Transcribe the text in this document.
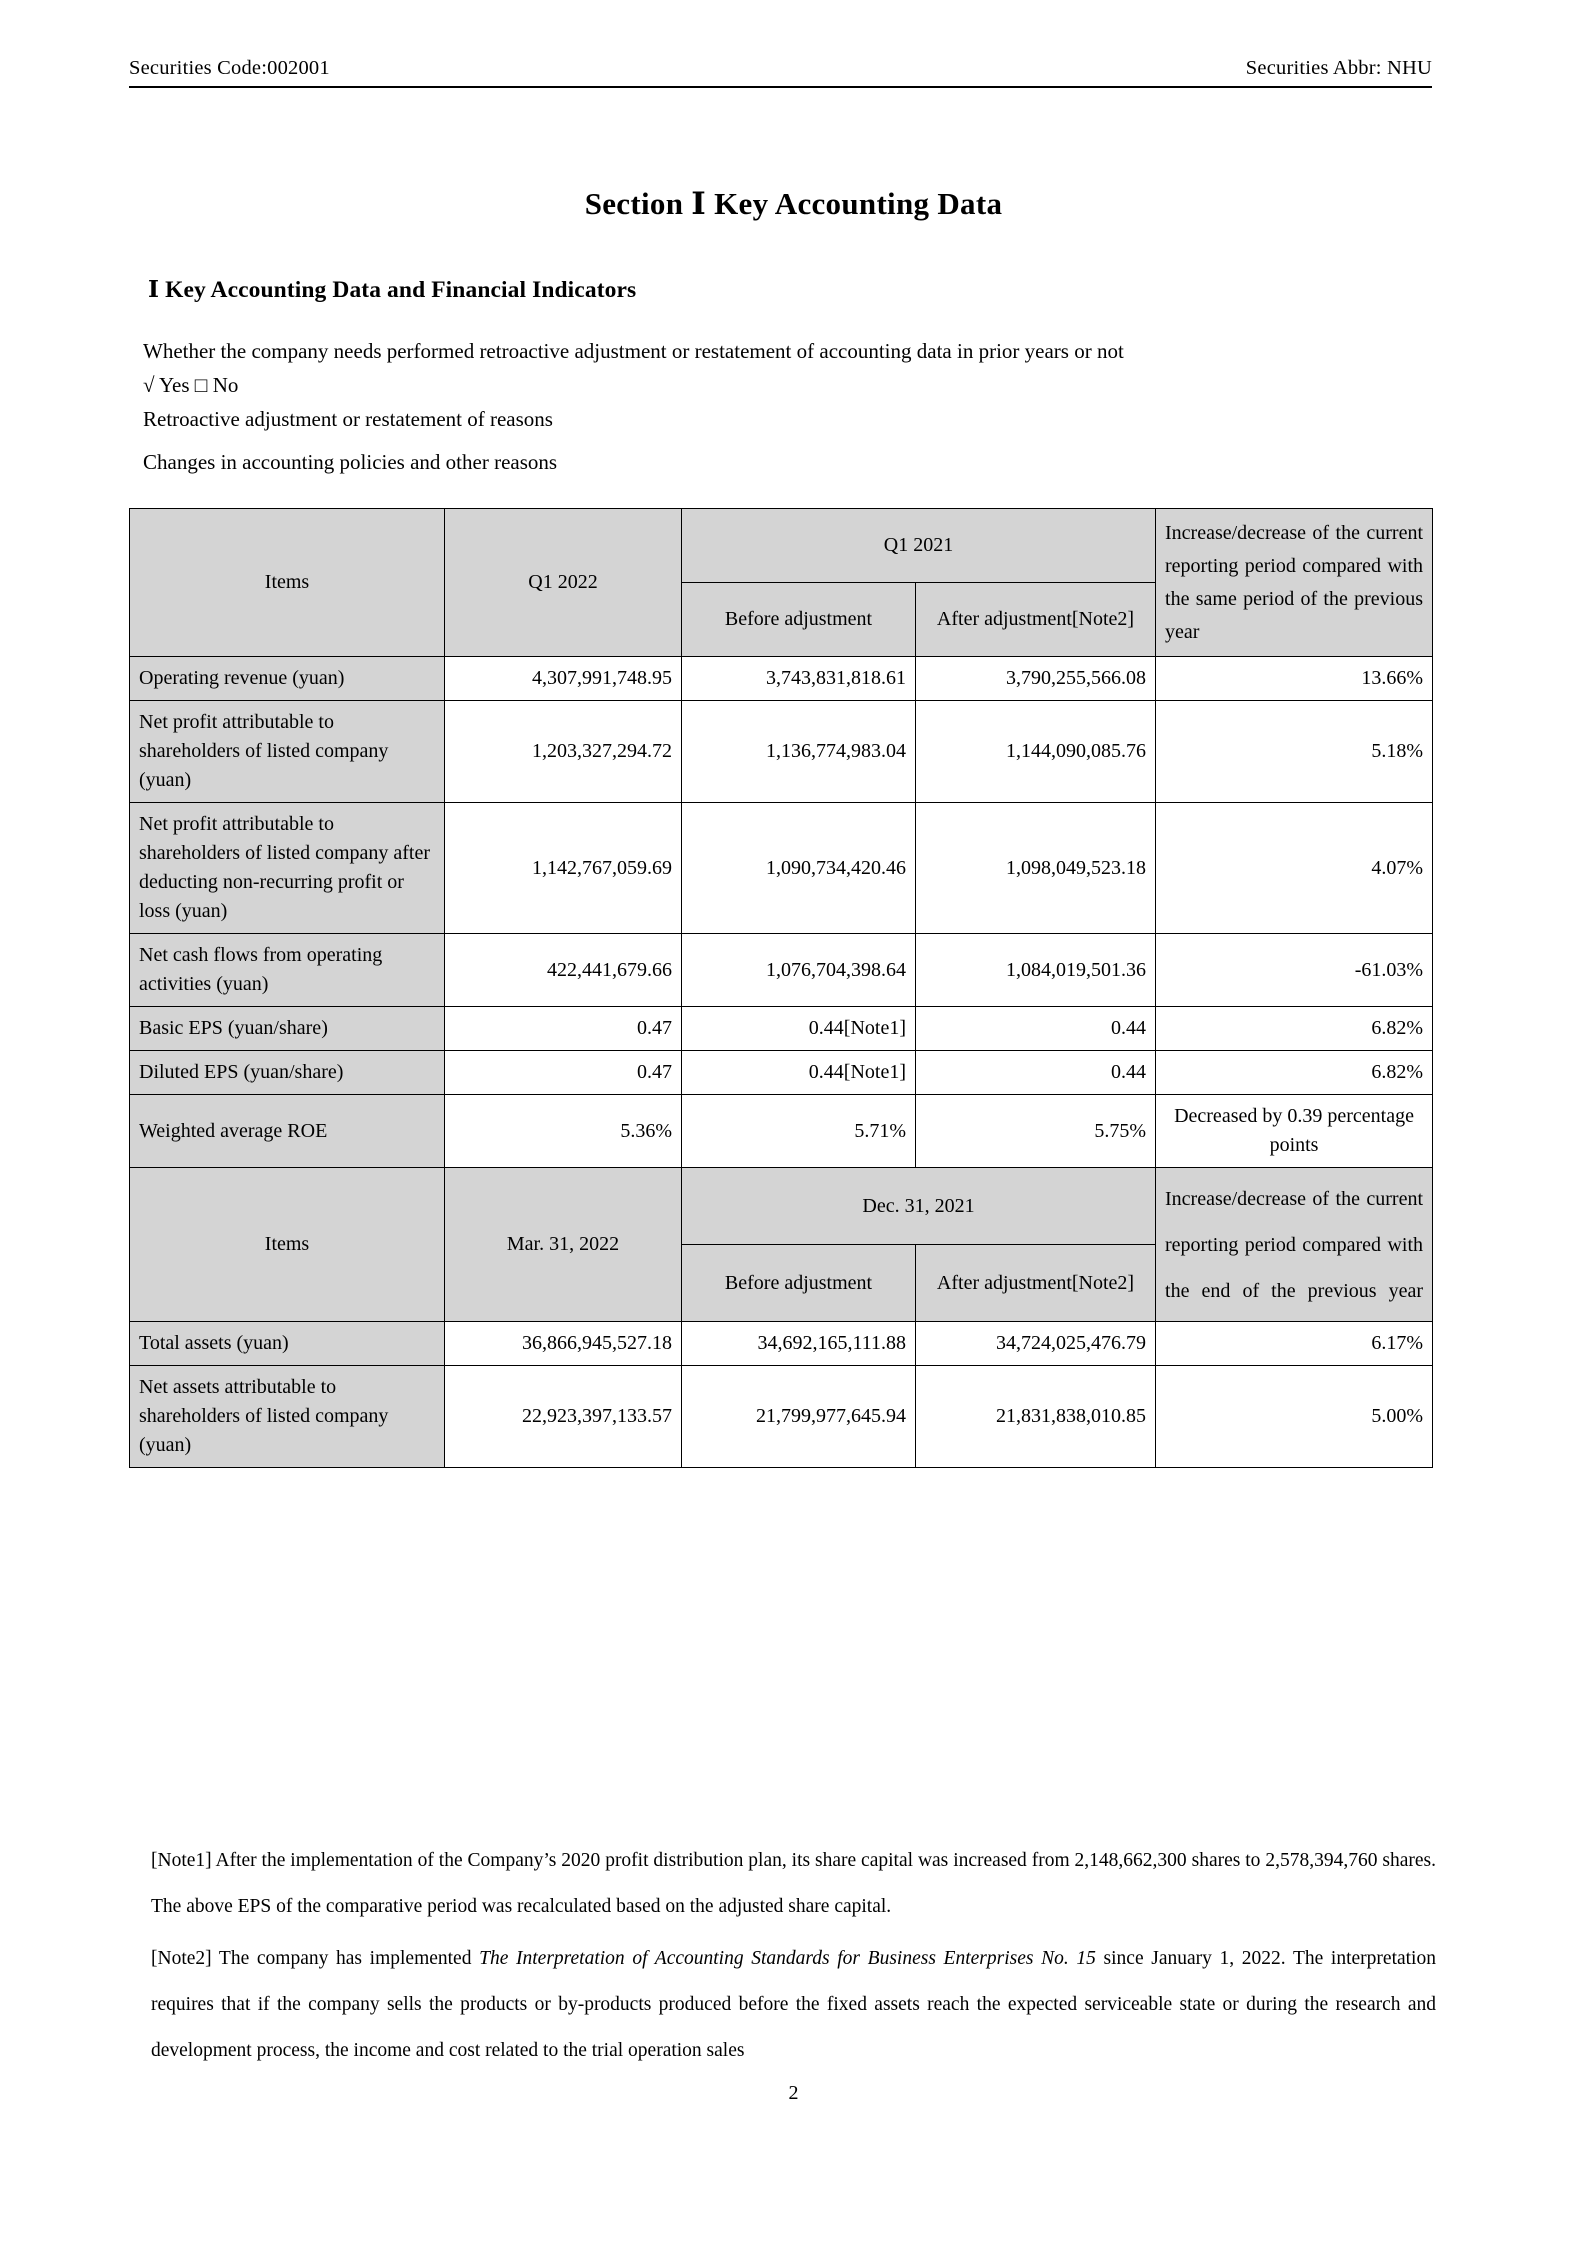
Securities Code:002001	Securities Abbr: NHU
Section Ⅰ Key Accounting Data
Ⅰ Key Accounting Data and Financial Indicators
Whether the company needs performed retroactive adjustment or restatement of accounting data in prior years or not
√ Yes □ No
Retroactive adjustment or restatement of reasons
Changes in accounting policies and other reasons
Items	Q1 2022	Q1 2021		Increase/decrease of the current reporting period compared with the same period of the previous year
		Before adjustment	After adjustment[Note2]	
Operating revenue (yuan)	4,307,991,748.95	3,743,831,818.61	3,790,255,566.08	13.66%
Net profit attributable to shareholders of listed company (yuan)	1,203,327,294.72	1,136,774,983.04	1,144,090,085.76	5.18%
Net profit attributable to shareholders of listed company after deducting non-recurring profit or loss (yuan)	1,142,767,059.69	1,090,734,420.46	1,098,049,523.18	4.07%
Net cash flows from operating activities (yuan)	422,441,679.66	1,076,704,398.64	1,084,019,501.36	-61.03%
Basic EPS (yuan/share)	0.47	0.44[Note1]	0.44	6.82%
Diluted EPS (yuan/share)	0.47	0.44[Note1]	0.44	6.82%
Weighted average ROE	5.36%	5.71%	5.75%	Decreased by 0.39 percentage points
Items	Mar. 31, 2022	Dec. 31, 2021		Increase/decrease of the current reporting period compared with the end of the previous year
		Before adjustment	After adjustment[Note2]	
Total assets (yuan)	36,866,945,527.18	34,692,165,111.88	34,724,025,476.79	6.17%
Net assets attributable to shareholders of listed company (yuan)	22,923,397,133.57	21,799,977,645.94	21,831,838,010.85	5.00%

[Note1] After the implementation of the Company’s 2020 profit distribution plan, its share capital was increased from 2,148,662,300 shares to 2,578,394,760 shares. The above EPS of the comparative period was recalculated based on the adjusted share capital.

[Note2] The company has implemented The Interpretation of Accounting Standards for Business Enterprises No. 15 since January 1, 2022. The interpretation requires that if the company sells the products or by-products produced before the fixed assets reach the expected serviceable state or during the research and development process, the income and cost related to the trial operation sales

2
